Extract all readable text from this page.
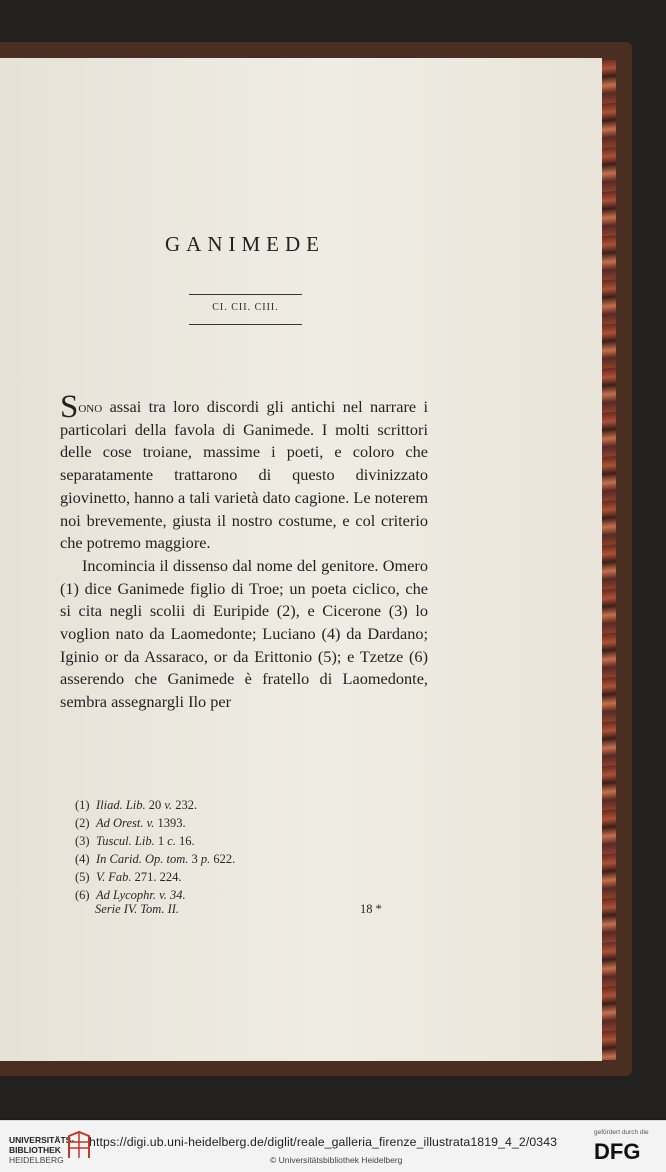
GANIMEDE
CI. CII. CIII.

Sono assai tra loro discordi gli antichi nel narrare i particolari della favola di Ganimede. I molti scrittori delle cose troiane, massime i poeti, e coloro che separatamente trattarono di questo divinizzato giovinetto, hanno a tali varietà dato cagione. Le noterem noi brevemente, giusta il nostro costume, e col criterio che potremo maggiore.

Incomincia il dissenso dal nome del genitore. Omero (1) dice Ganimede figlio di Troe; un poeta ciclico, che si cita negli scolii di Euripide (2), e Cicerone (3) lo voglion nato da Laomedonte; Luciano (4) da Dardano; Iginio or da Assaraco, or da Erittonio (5); e Tzetze (6) asserendo che Ganimede è fratello di Laomedonte, sembra assegnargli Ilo per

(1) Iliad. Lib. 20 v. 232.
(2) Ad Orest. v. 1393.
(3) Tuscul. Lib. 1 c. 16.
(4) In Carid. Op. tom. 3 p. 622.
(5) V. Fab. 271. 224.
(6) Ad Lycophr. v. 34.
Serie IV. Tom. II.	18 *
UNIVERSITÄTS-
BIBLIOTHEK
HEIDELBERG
https://digi.ub.uni-heidelberg.de/diglit/reale_galleria_firenze_illustrata1819_4_2/0343
© Universitätsbibliothek Heidelberg
gefördert durch die
DFG
